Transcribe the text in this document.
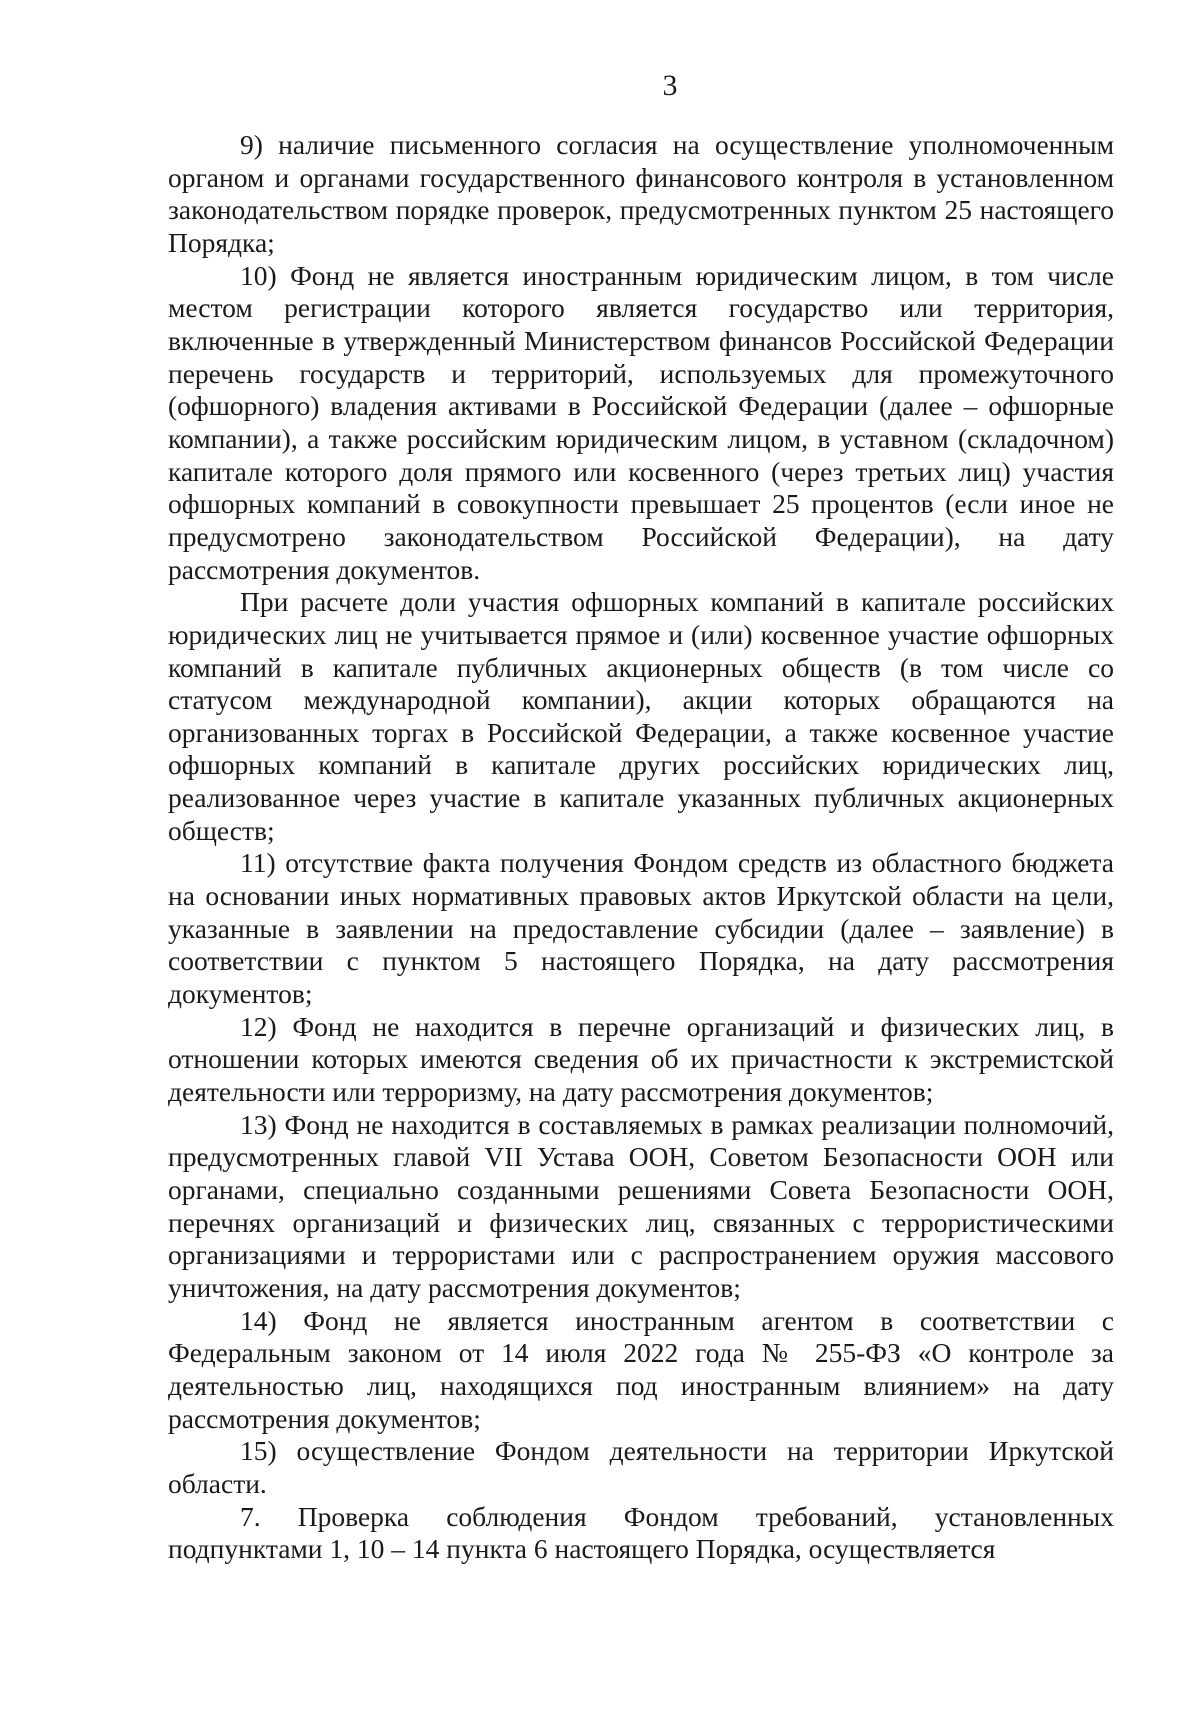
3

9) наличие письменного согласия на осуществление уполномоченным органом и органами государственного финансового контроля в установленном законодательством порядке проверок, предусмотренных пунктом 25 настоящего Порядка;

10) Фонд не является иностранным юридическим лицом, в том числе местом регистрации которого является государство или территория, включенные в утвержденный Министерством финансов Российской Федерации перечень государств и территорий, используемых для промежуточного (офшорного) владения активами в Российской Федерации (далее – офшорные компании), а также российским юридическим лицом, в уставном (складочном) капитале которого доля прямого или косвенного (через третьих лиц) участия офшорных компаний в совокупности превышает 25 процентов (если иное не предусмотрено законодательством Российской Федерации), на дату рассмотрения документов.

При расчете доли участия офшорных компаний в капитале российских юридических лиц не учитывается прямое и (или) косвенное участие офшорных компаний в капитале публичных акционерных обществ (в том числе со статусом международной компании), акции которых обращаются на организованных торгах в Российской Федерации, а также косвенное участие офшорных компаний в капитале других российских юридических лиц, реализованное через участие в капитале указанных публичных акционерных обществ;

11) отсутствие факта получения Фондом средств из областного бюджета на основании иных нормативных правовых актов Иркутской области на цели, указанные в заявлении на предоставление субсидии (далее – заявление) в соответствии с пунктом 5 настоящего Порядка, на дату рассмотрения документов;

12) Фонд не находится в перечне организаций и физических лиц, в отношении которых имеются сведения об их причастности к экстремистской деятельности или терроризму, на дату рассмотрения документов;

13) Фонд не находится в составляемых в рамках реализации полномочий, предусмотренных главой VII Устава ООН, Советом Безопасности ООН или органами, специально созданными решениями Совета Безопасности ООН, перечнях организаций и физических лиц, связанных с террористическими организациями и террористами или с распространением оружия массового уничтожения, на дату рассмотрения документов;

14) Фонд не является иностранным агентом в соответствии с Федеральным законом от 14 июля 2022 года № 255-ФЗ «О контроле за деятельностью лиц, находящихся под иностранным влиянием» на дату рассмотрения документов;

15) осуществление Фондом деятельности на территории Иркутской области.

7. Проверка соблюдения Фондом требований, установленных подпунктами 1, 10 – 14 пункта 6 настоящего Порядка, осуществляется
